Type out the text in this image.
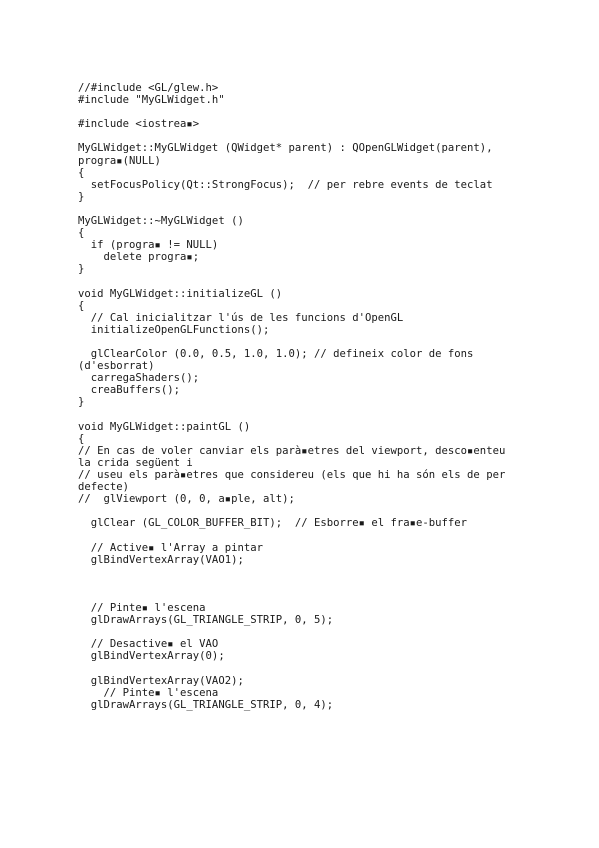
//#include <GL/glew.h>
#include "MyGLWidget.h"
#include <iostrea▪>
MyGLWidget::MyGLWidget (QWidget* parent) : QOpenGLWidget(parent),
progra▪(NULL)
{
setFocusPolicy(Qt::StrongFocus);  // per rebre events de teclat
}
MyGLWidget::~MyGLWidget ()
{
if (progra▪ != NULL)
delete progra▪;
}
void MyGLWidget::initializeGL ()
{
// Cal inicialitzar l'ús de les funcions d'OpenGL
initializeOpenGLFunctions();
glClearColor (0.0, 0.5, 1.0, 1.0); // defineix color de fons
(d'esborrat)
carregaShaders();
creaBuffers();
}
void MyGLWidget::paintGL ()
{
// En cas de voler canviar els parà▪etres del viewport, desco▪enteu
la crida següent i
// useu els parà▪etres que considereu (els que hi ha són els de per
defecte)
//  glViewport (0, 0, a▪ple, alt);
glClear (GL_COLOR_BUFFER_BIT);  // Esborre▪ el fra▪e-buffer
// Active▪ l'Array a pintar
glBindVertexArray(VAO1);
// Pinte▪ l'escena
glDrawArrays(GL_TRIANGLE_STRIP, 0, 5);
// Desactive▪ el VAO
glBindVertexArray(0);
glBindVertexArray(VAO2);
// Pinte▪ l'escena
glDrawArrays(GL_TRIANGLE_STRIP, 0, 4);
